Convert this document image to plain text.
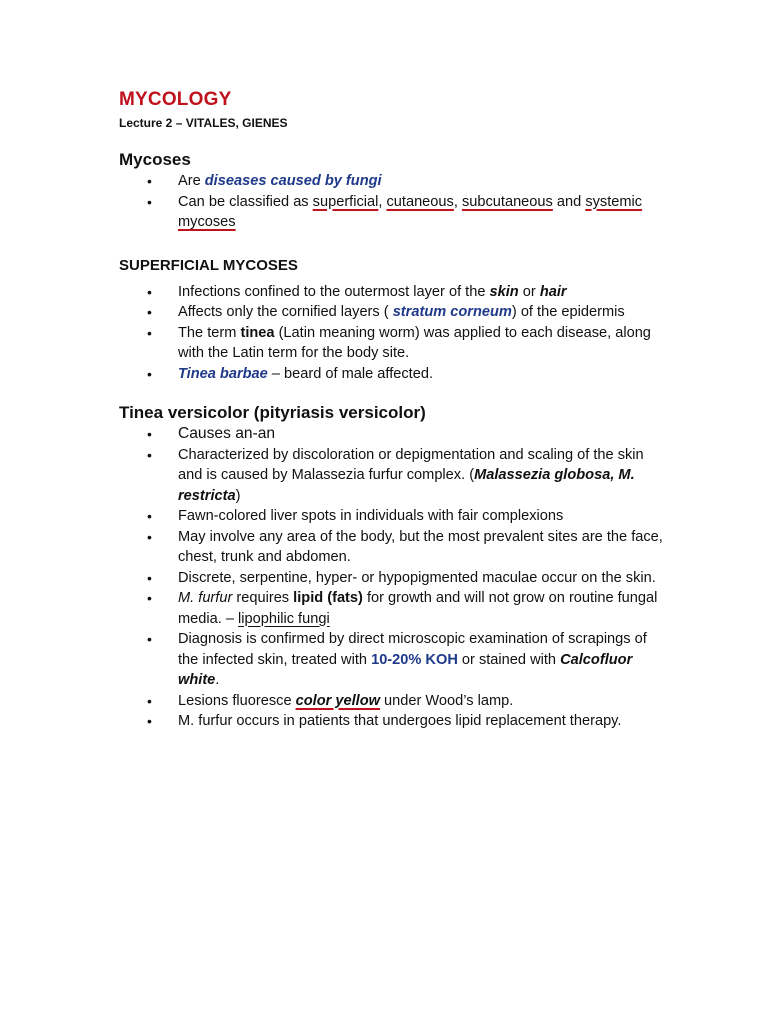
MYCOLOGY
Lecture 2 – VITALES, GIENES
Mycoses
• Are diseases caused by fungi
• Can be classified as superficial, cutaneous, subcutaneous and systemic mycoses
SUPERFICIAL MYCOSES
• Infections confined to the outermost layer of the skin or hair
• Affects only the cornified layers ( stratum corneum) of the epidermis
• The term tinea (Latin meaning worm) was applied to each disease, along with the Latin term for the body site.
• Tinea barbae – beard of male affected.
Tinea versicolor (pityriasis versicolor)
• Causes an-an
• Characterized by discoloration or depigmentation and scaling of the skin and is caused by Malassezia furfur complex. (Malassezia globosa, M. restricta)
• Fawn-colored liver spots in individuals with fair complexions
• May involve any area of the body, but the most prevalent sites are the face, chest, trunk and abdomen.
• Discrete, serpentine, hyper- or hypopigmented maculae occur on the skin.
• M. furfur requires lipid (fats) for growth and will not grow on routine fungal media. – lipophilic fungi
• Diagnosis is confirmed by direct microscopic examination of scrapings of the infected skin, treated with 10-20% KOH or stained with Calcofluor white.
• Lesions fluoresce color yellow under Wood’s lamp.
• M. furfur occurs in patients that undergoes lipid replacement therapy.
